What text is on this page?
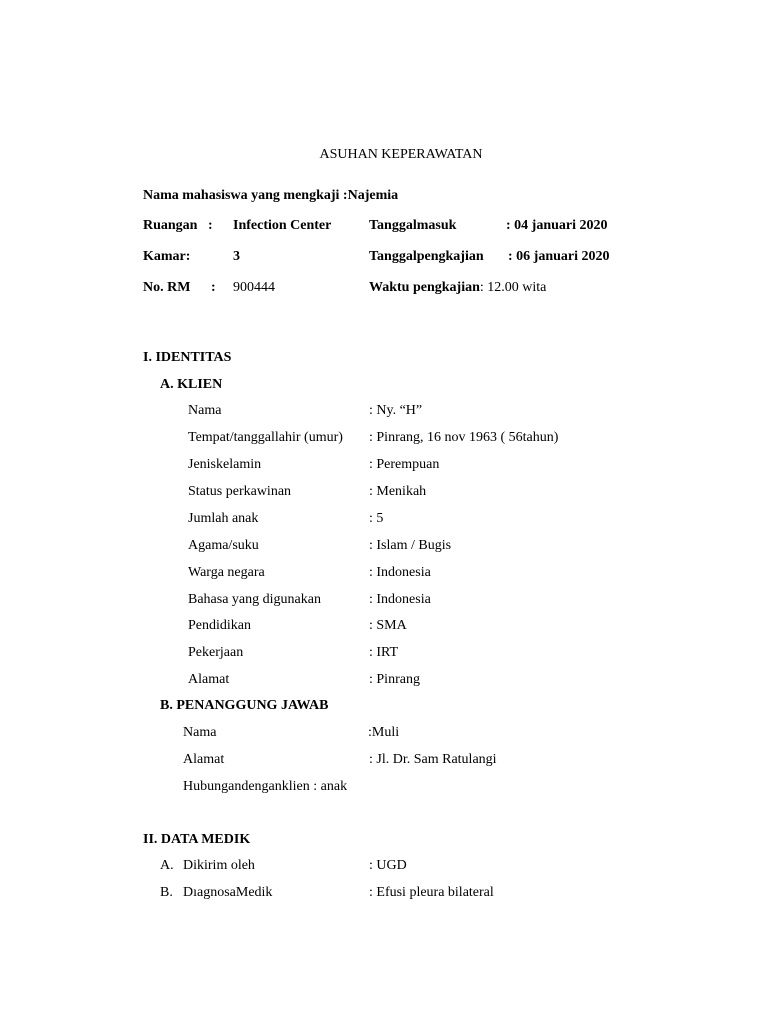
ASUHAN KEPERAWATAN
Nama mahasiswa yang mengkaji :Najemia
Ruangan : Infection Center	Tanggalmasuk	: 04 januari 2020
Kamar:	3	Tanggalpengkajian : 06 januari 2020
No. RM : 900444	Waktu pengkajian: 12.00 wita
I. IDENTITAS
A. KLIEN
Nama	: Ny. “H”
Tempat/tanggallahir (umur) : Pinrang, 16 nov 1963 ( 56tahun)
Jeniskelamin	: Perempuan
Status perkawinan	: Menikah
Jumlah anak	: 5
Agama/suku	: Islam / Bugis
Warga negara	: Indonesia
Bahasa yang digunakan	: Indonesia
Pendidikan	: SMA
Pekerjaan	: IRT
Alamat	: Pinrang
B. PENANGGUNG JAWAB
Nama	:Muli
Alamat	: Jl. Dr. Sam Ratulangi
Hubungandenganklien : anak
II. DATA MEDIK
A. Dikirim oleh	: UGD
B. DıagnosaMedik	: Efusi pleura bilateral
